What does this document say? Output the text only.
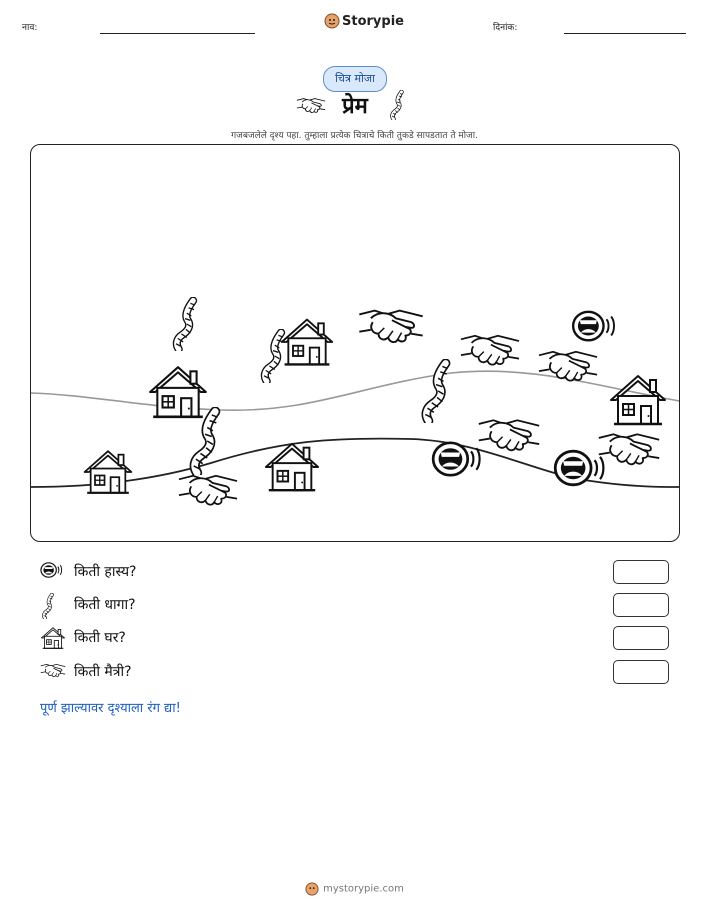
नाव:	Storypie	दिनांक:
चित्र मोजा
प्रेम
गजबजलेले दृश्य पहा. तुम्हाला प्रत्येक चित्राचे किती तुकडे सापडतात ते मोजा.
किती हास्य?
किती धागा?
किती घर?
किती मैत्री?
पूर्ण झाल्यावर दृश्याला रंग द्या!
mystorypie.com
